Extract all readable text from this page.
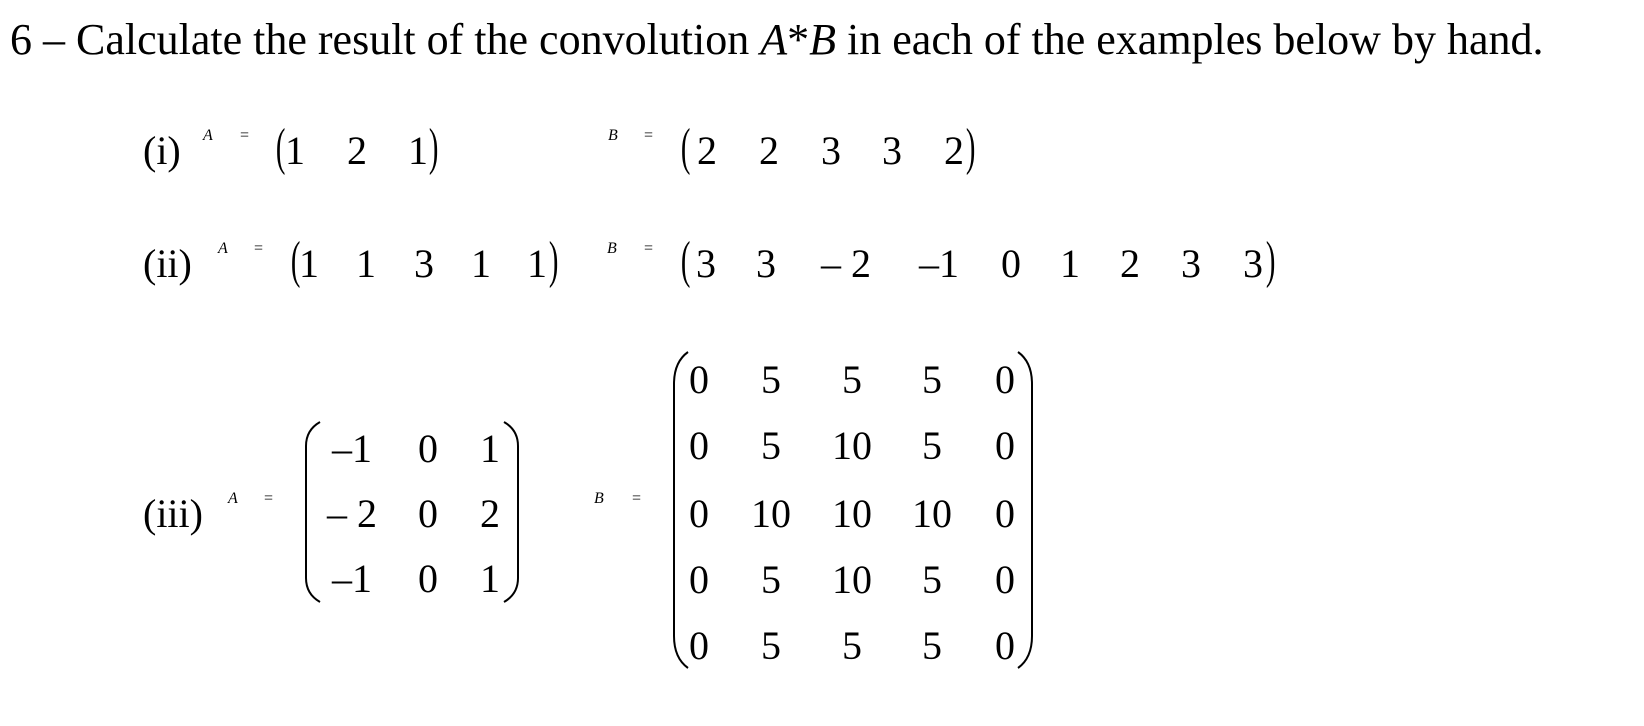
6 – Calculate the result of the convolution A*B in each of the examples below by hand.
(i) A = ( 1	2	1 )	B = ( 2	2	3	3	2 )
(ii) A = (
1 1 3 1 1 )	B = ( 3	3	– 2	–1	0 1	2	3	3 )
(iii) A =
–1	0	1
– 2	0	2
–1	0	1
B =
0	5	5	5	0
0	5	10	5	0
0	10	10	10	0
0	5	10	5	0
0	5	5	5	0
